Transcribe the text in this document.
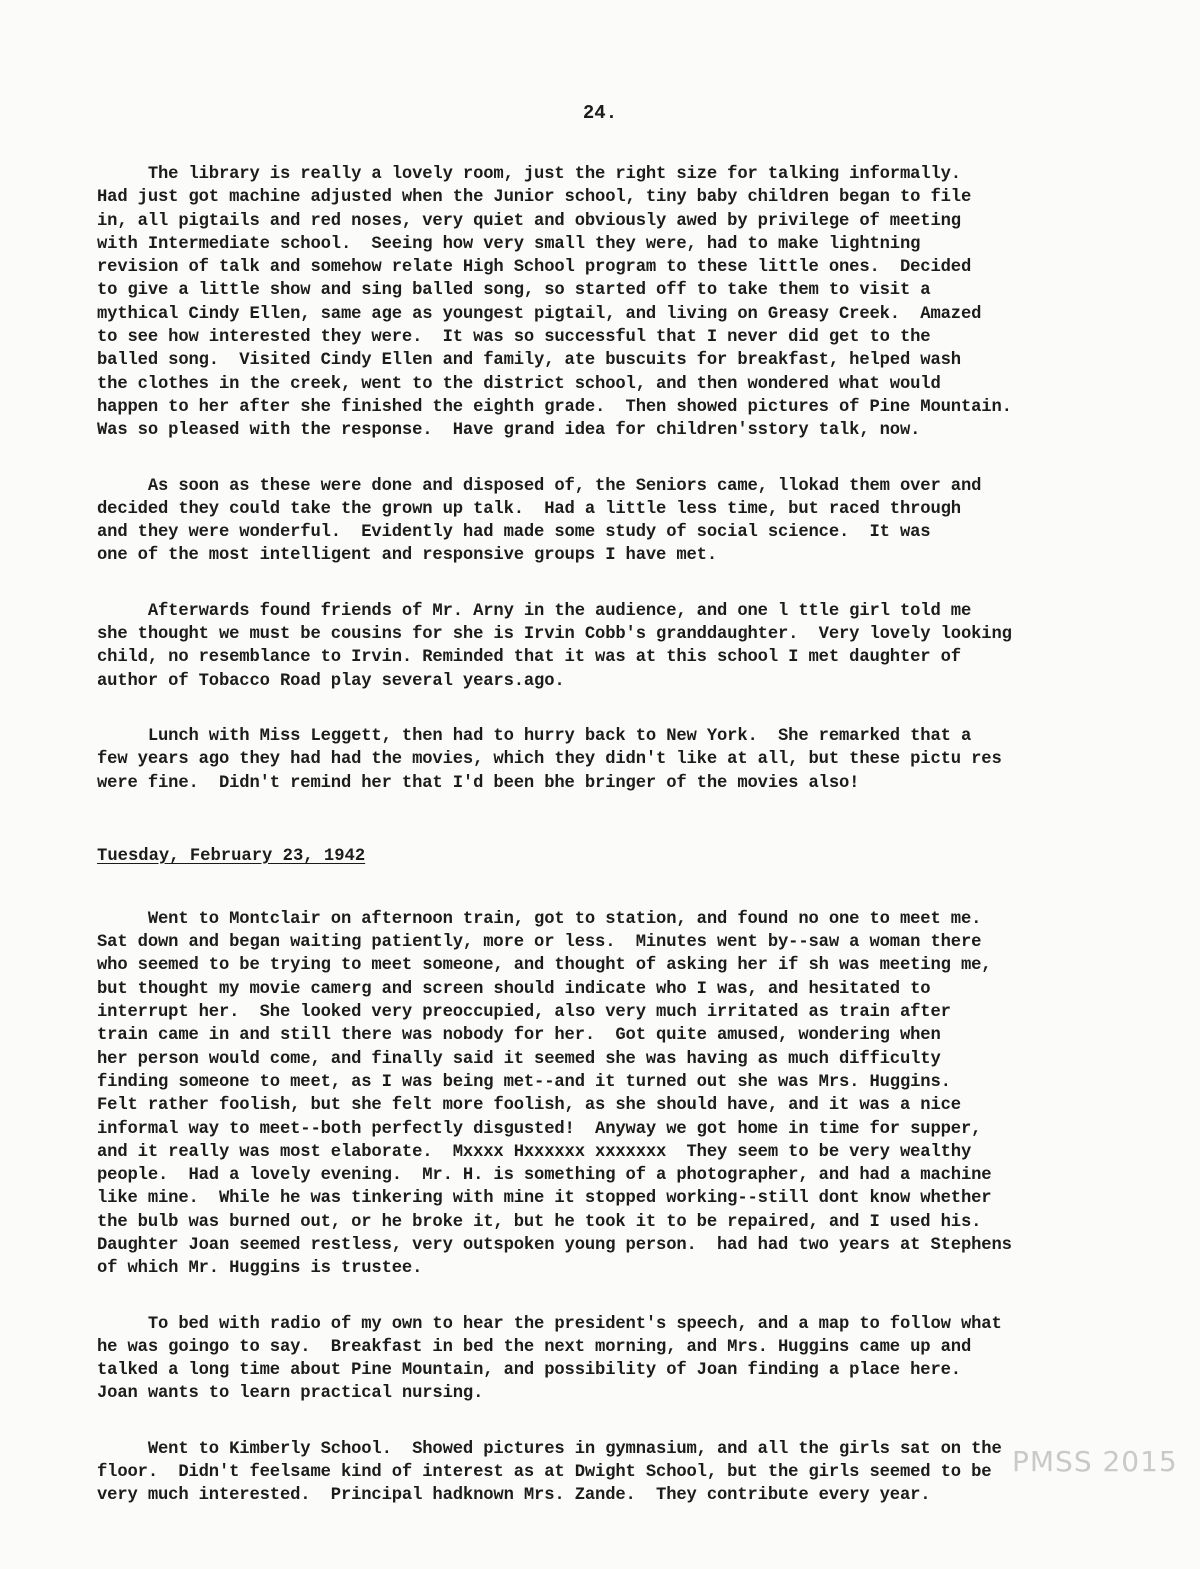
24.
The library is really a lovely room, just the right size for talking informally.
Had just got machine adjusted when the Junior school, tiny baby children began to file
in, all pigtails and red noses, very quiet and obviously awed by privilege of meeting
with Intermediate school.  Seeing how very small they were, had to make lightning
revision of talk and somehow relate High School program to these little ones.  Decided
to give a little show and sing balled song, so started off to take them to visit a
mythical Cindy Ellen, same age as youngest pigtail, and living on Greasy Creek.  Amazed
to see how interested they were.  It was so successful that I never did get to the
balled song.  Visited Cindy Ellen and family, ate buscuits for breakfast, helped wash
the clothes in the creek, went to the district school, and then wondered what would
happen to her after she finished the eighth grade.  Then showed pictures of Pine Mountain.
Was so pleased with the response.  Have grand idea for children'sstory talk, now.
As soon as these were done and disposed of, the Seniors came, llokad them over and
decided they could take the grown up talk.  Had a little less time, but raced through
and they were wonderful.  Evidently had made some study of social science.  It was
one of the most intelligent and responsive groups I have met.
Afterwards found friends of Mr. Arny in the audience, and one l ttle girl told me
she thought we must be cousins for she is Irvin Cobb's granddaughter.  Very lovely looking
child, no resemblance to Irvin. Reminded that it was at this school I met daughter of
author of Tobacco Road play several years.ago.
Lunch with Miss Leggett, then had to hurry back to New York.  She remarked that a
few years ago they had had the movies, which they didn't like at all, but these pictu res
were fine.  Didn't remind her that I'd been bhe bringer of the movies also!
Tuesday, February 23, 1942
Went to Montclair on afternoon train, got to station, and found no one to meet me.
Sat down and began waiting patiently, more or less.  Minutes went by--saw a woman there
who seemed to be trying to meet someone, and thought of asking her if sh was meeting me,
but thought my movie camerg and screen should indicate who I was, and hesitated to
interrupt her.  She looked very preoccupied, also very much irritated as train after
train came in and still there was nobody for her.  Got quite amused, wondering when
her person would come, and finally said it seemed she was having as much difficulty
finding someone to meet, as I was being met--and it turned out she was Mrs. Huggins.
Felt rather foolish, but she felt more foolish, as she should have, and it was a nice
informal way to meet--both perfectly disgusted!  Anyway we got home in time for supper,
and it really was most elaborate.  Mxxxx Hxxxxxx xxxxxxx  They seem to be very wealthy
people.  Had a lovely evening.  Mr. H. is something of a photographer, and had a machine
like mine.  While he was tinkering with mine it stopped working--still dont know whether
the bulb was burned out, or he broke it, but he took it to be repaired, and I used his.
Daughter Joan seemed restless, very outspoken young person.  had had two years at Stephens
of which Mr. Huggins is trustee.
To bed with radio of my own to hear the president's speech, and a map to follow what
he was goingo to say.  Breakfast in bed the next morning, and Mrs. Huggins came up and
talked a long time about Pine Mountain, and possibility of Joan finding a place here.
Joan wants to learn practical nursing.
Went to Kimberly School.  Showed pictures in gymnasium, and all the girls sat on the
floor.  Didn't feelsame kind of interest as at Dwight School, but the girls seemed to be
very much interested.  Principal hadknown Mrs. Zande.  They contribute every year.
PMSS 2015
